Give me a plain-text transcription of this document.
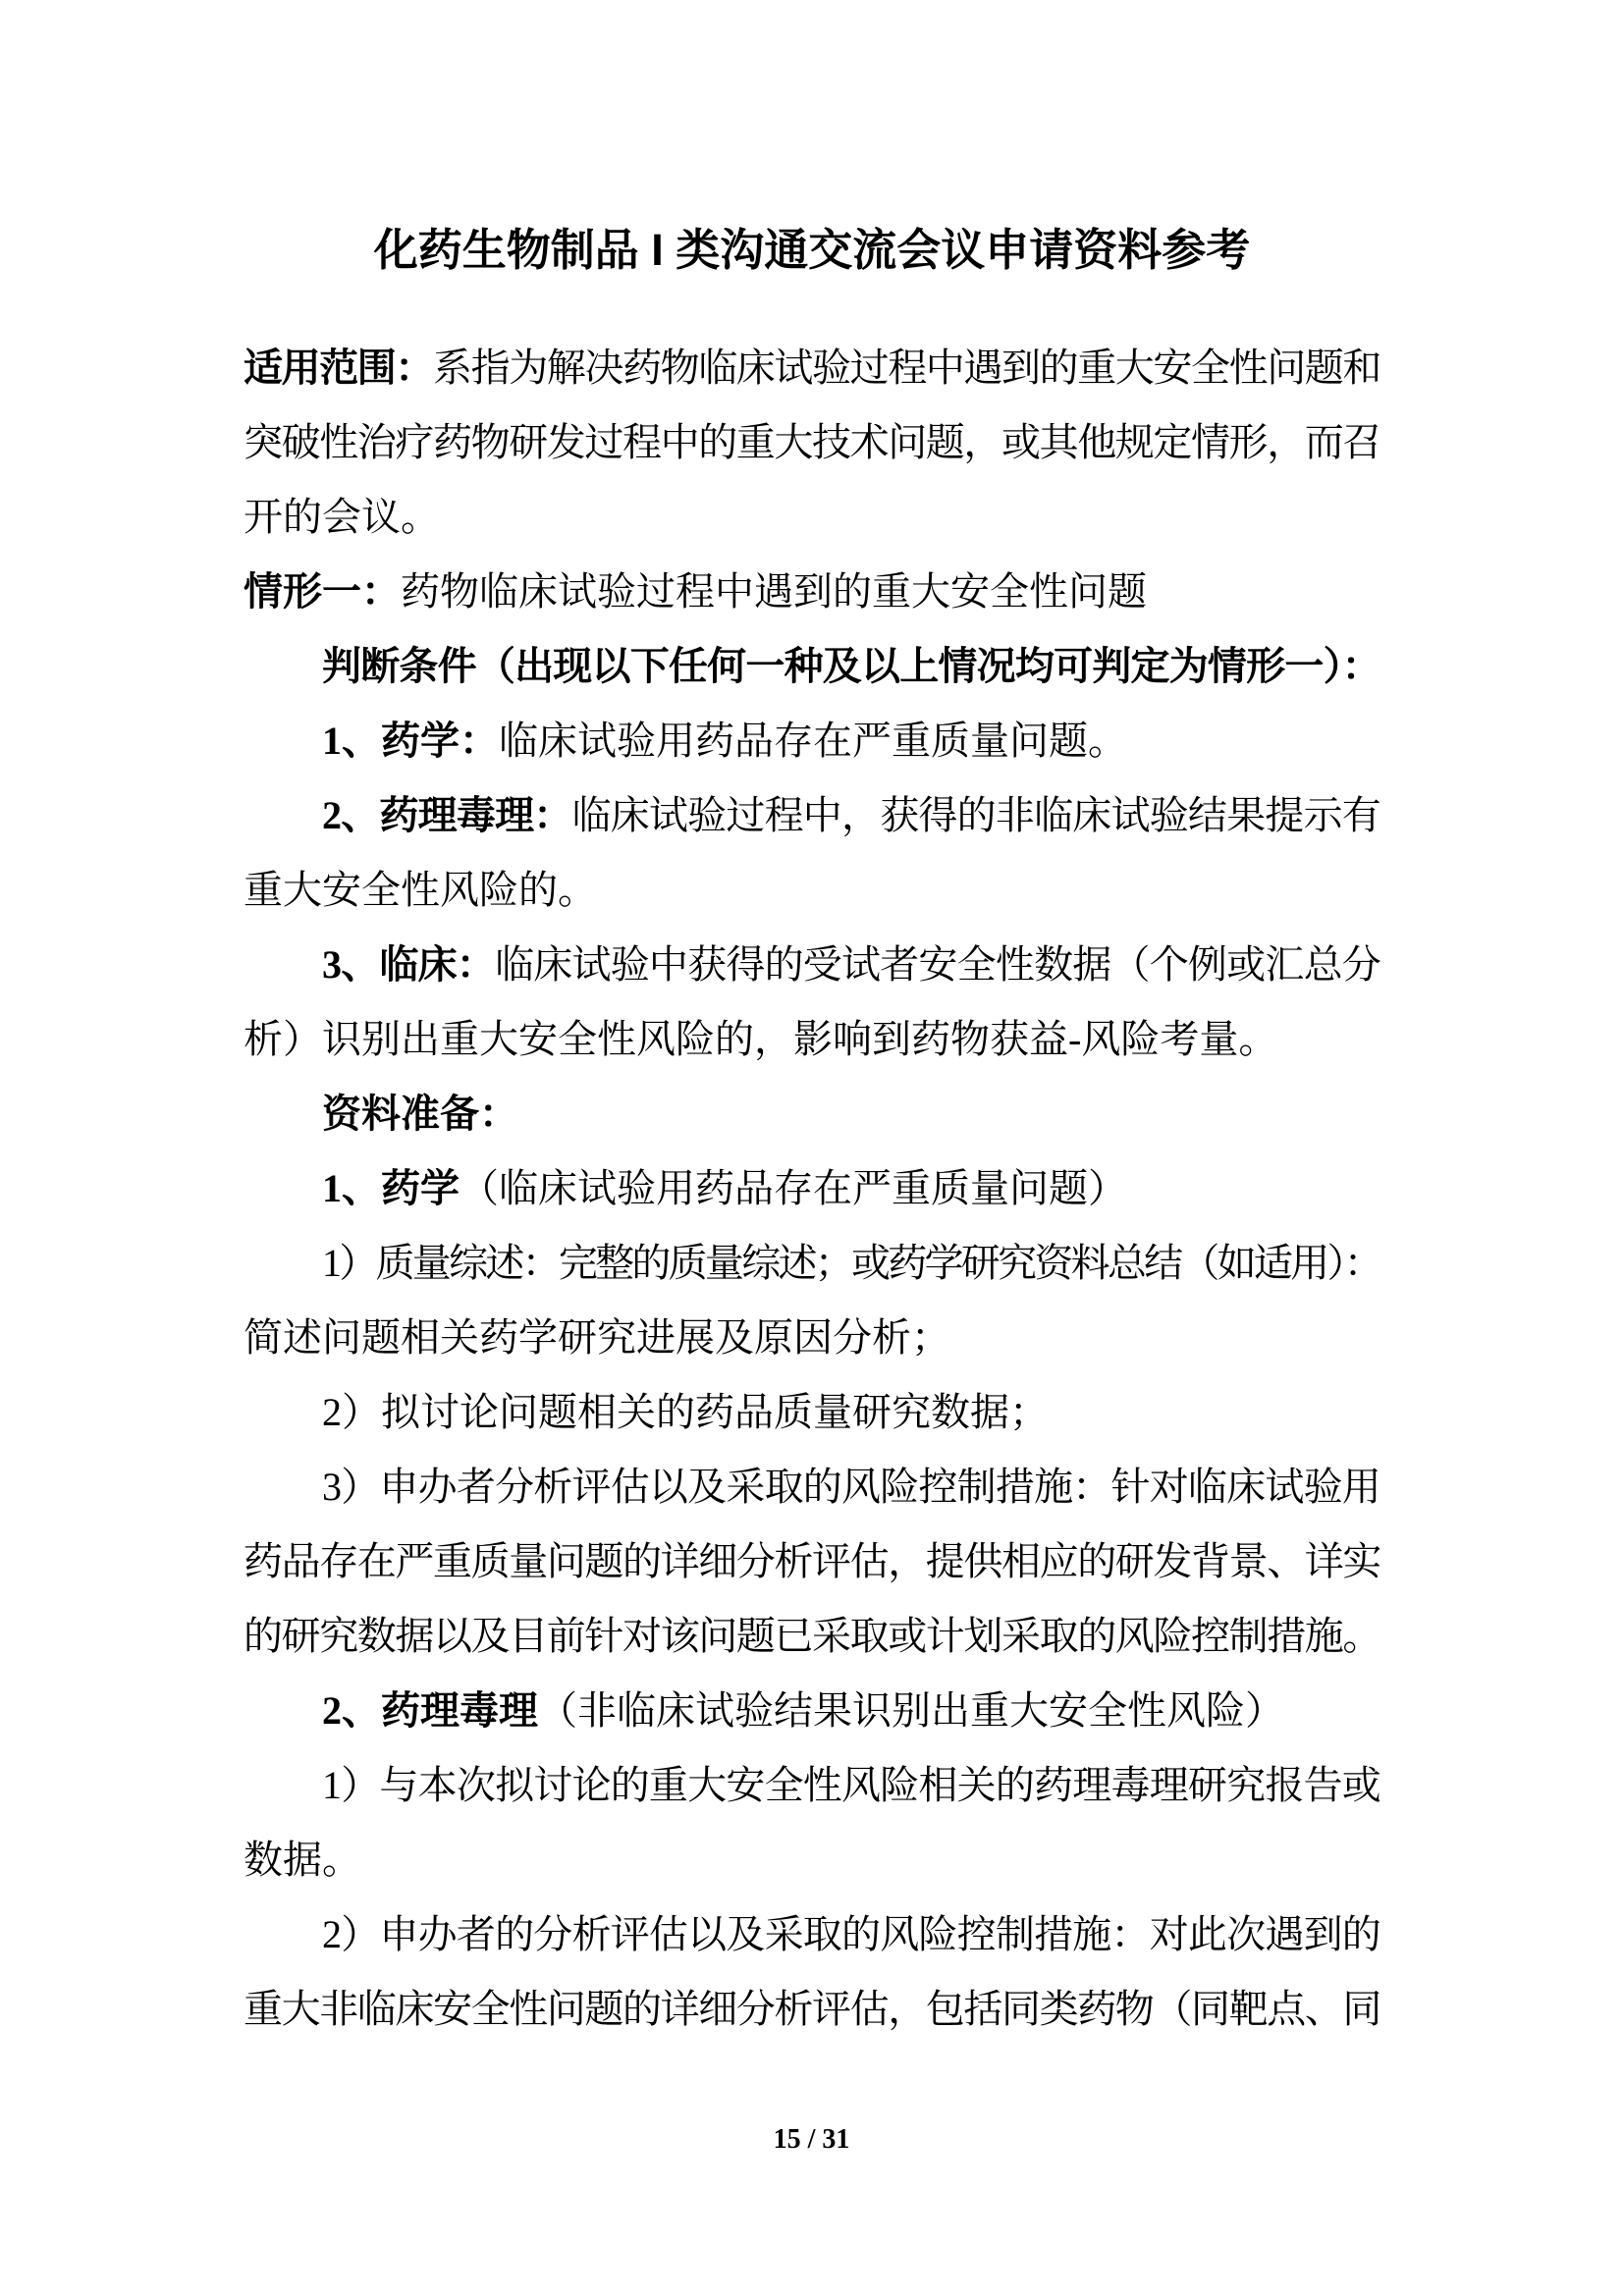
化药生物制品 I 类沟通交流会议申请资料参考
适用范围：系指为解决药物临床试验过程中遇到的重大安全性问题和
突破性治疗药物研发过程中的重大技术问题，或其他规定情形，而召
开的会议。
情形一：药物临床试验过程中遇到的重大安全性问题
判断条件（出现以下任何一种及以上情况均可判定为情形一）：
1、药学：临床试验用药品存在严重质量问题。
2、药理毒理：临床试验过程中，获得的非临床试验结果提示有
重大安全性风险的。
3、临床：临床试验中获得的受试者安全性数据（个例或汇总分
析）识别出重大安全性风险的，影响到药物获益-风险考量。
资料准备：
1、药学（临床试验用药品存在严重质量问题）
1）质量综述：完整的质量综述；或药学研究资料总结（如适用）：
简述问题相关药学研究进展及原因分析；
2）拟讨论问题相关的药品质量研究数据；
3）申办者分析评估以及采取的风险控制措施：针对临床试验用
药品存在严重质量问题的详细分析评估，提供相应的研发背景、详实
的研究数据以及目前针对该问题已采取或计划采取的风险控制措施。
2、药理毒理（非临床试验结果识别出重大安全性风险）
1）与本次拟讨论的重大安全性风险相关的药理毒理研究报告或
数据。
2）申办者的分析评估以及采取的风险控制措施：对此次遇到的
重大非临床安全性问题的详细分析评估，包括同类药物（同靶点、同
15 / 31
